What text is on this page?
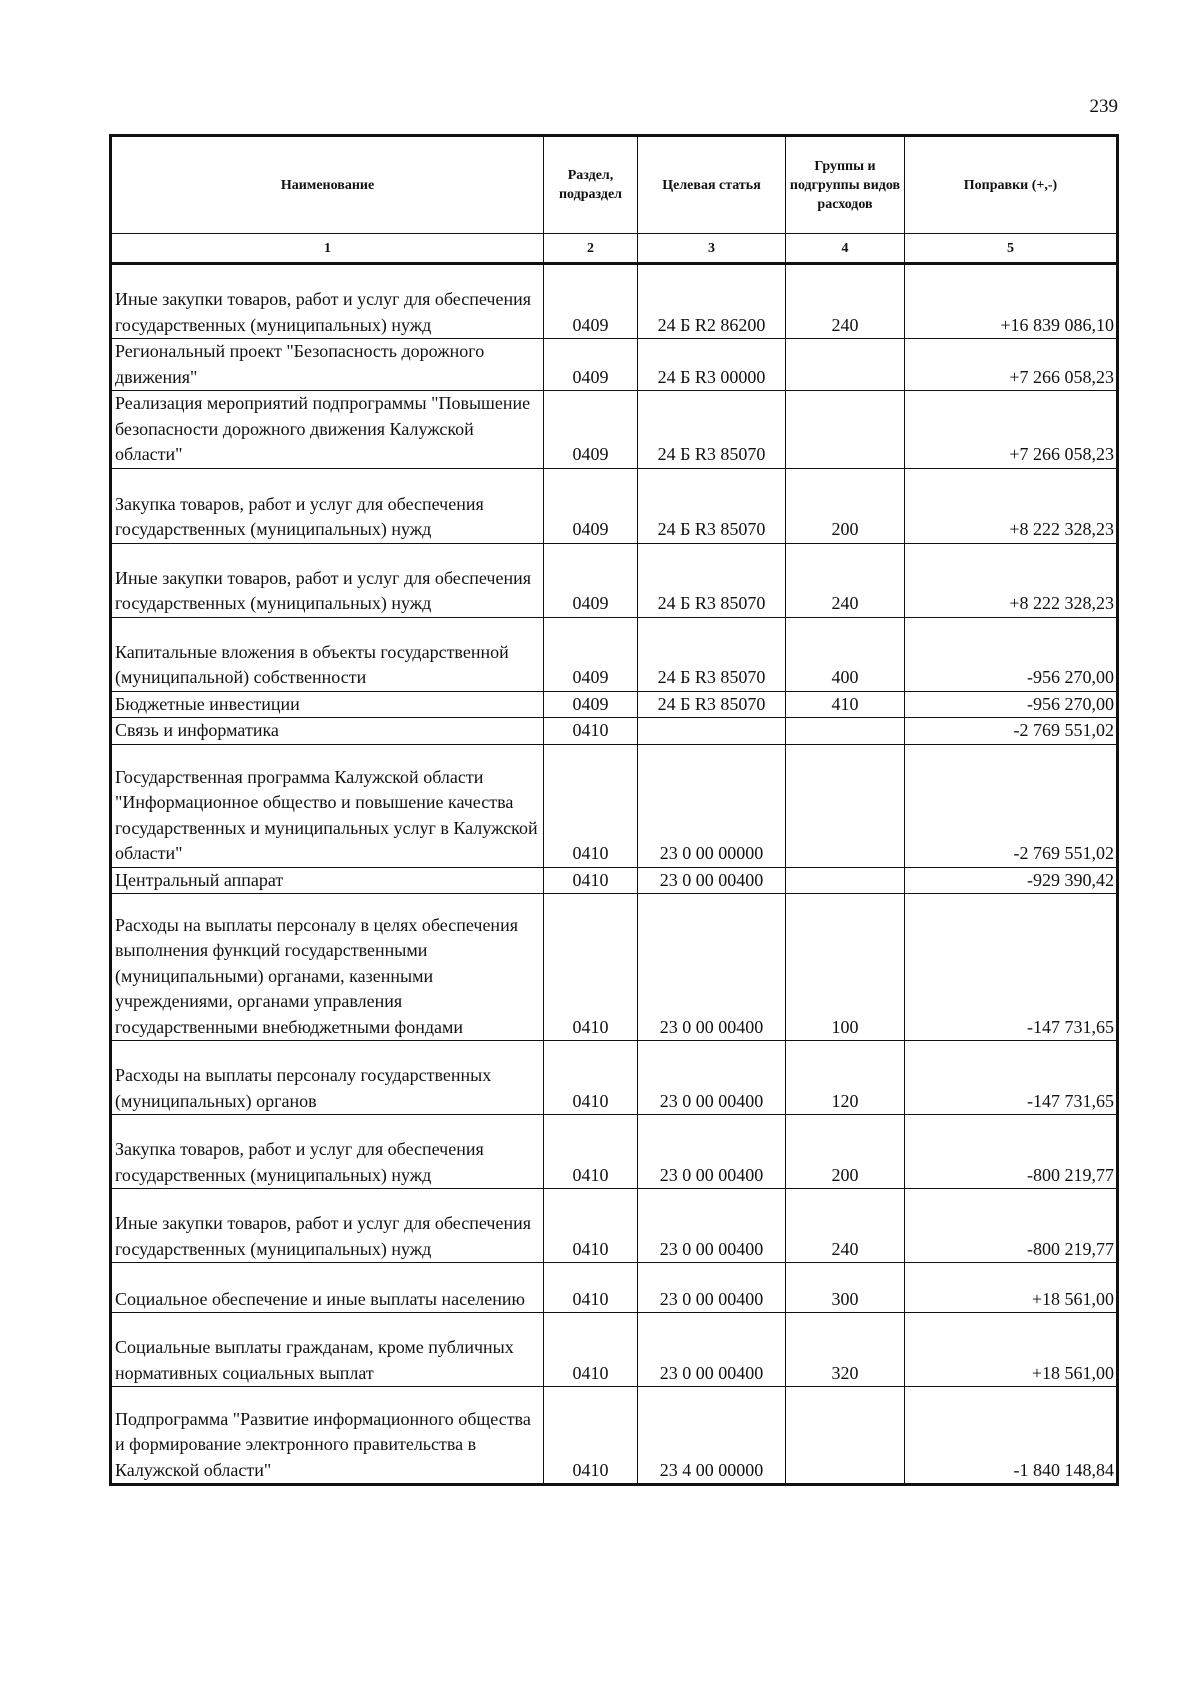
239
Наименование	Раздел, подраздел	Целевая статья	Группы и подгруппы видов расходов	Поправки (+,-)
1	2	3	4	5
Иные закупки товаров, работ и услуг для обеспечения государственных (муниципальных) нужд	0409	24 Б R2 86200	240	+16 839 086,10
Региональный проект "Безопасность дорожного движения"	0409	24 Б R3 00000		+7 266 058,23
Реализация мероприятий подпрограммы "Повышение безопасности дорожного движения Калужской области"	0409	24 Б R3 85070		+7 266 058,23
Закупка товаров, работ и услуг для обеспечения государственных (муниципальных) нужд	0409	24 Б R3 85070	200	+8 222 328,23
Иные закупки товаров, работ и услуг для обеспечения государственных (муниципальных) нужд	0409	24 Б R3 85070	240	+8 222 328,23
Капитальные вложения в объекты государственной (муниципальной) собственности	0409	24 Б R3 85070	400	-956 270,00
Бюджетные инвестиции	0409	24 Б R3 85070	410	-956 270,00
Связь и информатика	0410			-2 769 551,02
Государственная программа Калужской области "Информационное общество и повышение качества государственных и муниципальных услуг в Калужской области"	0410	23 0 00 00000		-2 769 551,02
Центральный аппарат	0410	23 0 00 00400		-929 390,42
Расходы на выплаты персоналу в целях обеспечения выполнения функций государственными (муниципальными) органами, казенными учреждениями, органами управления государственными внебюджетными фондами	0410	23 0 00 00400	100	-147 731,65
Расходы на выплаты персоналу государственных (муниципальных) органов	0410	23 0 00 00400	120	-147 731,65
Закупка товаров, работ и услуг для обеспечения государственных (муниципальных) нужд	0410	23 0 00 00400	200	-800 219,77
Иные закупки товаров, работ и услуг для обеспечения государственных (муниципальных) нужд	0410	23 0 00 00400	240	-800 219,77
Социальное обеспечение и иные выплаты населению	0410	23 0 00 00400	300	+18 561,00
Социальные выплаты гражданам, кроме публичных нормативных социальных выплат	0410	23 0 00 00400	320	+18 561,00
Подпрограмма "Развитие информационного общества и формирование электронного правительства в Калужской области"	0410	23 4 00 00000		-1 840 148,84
